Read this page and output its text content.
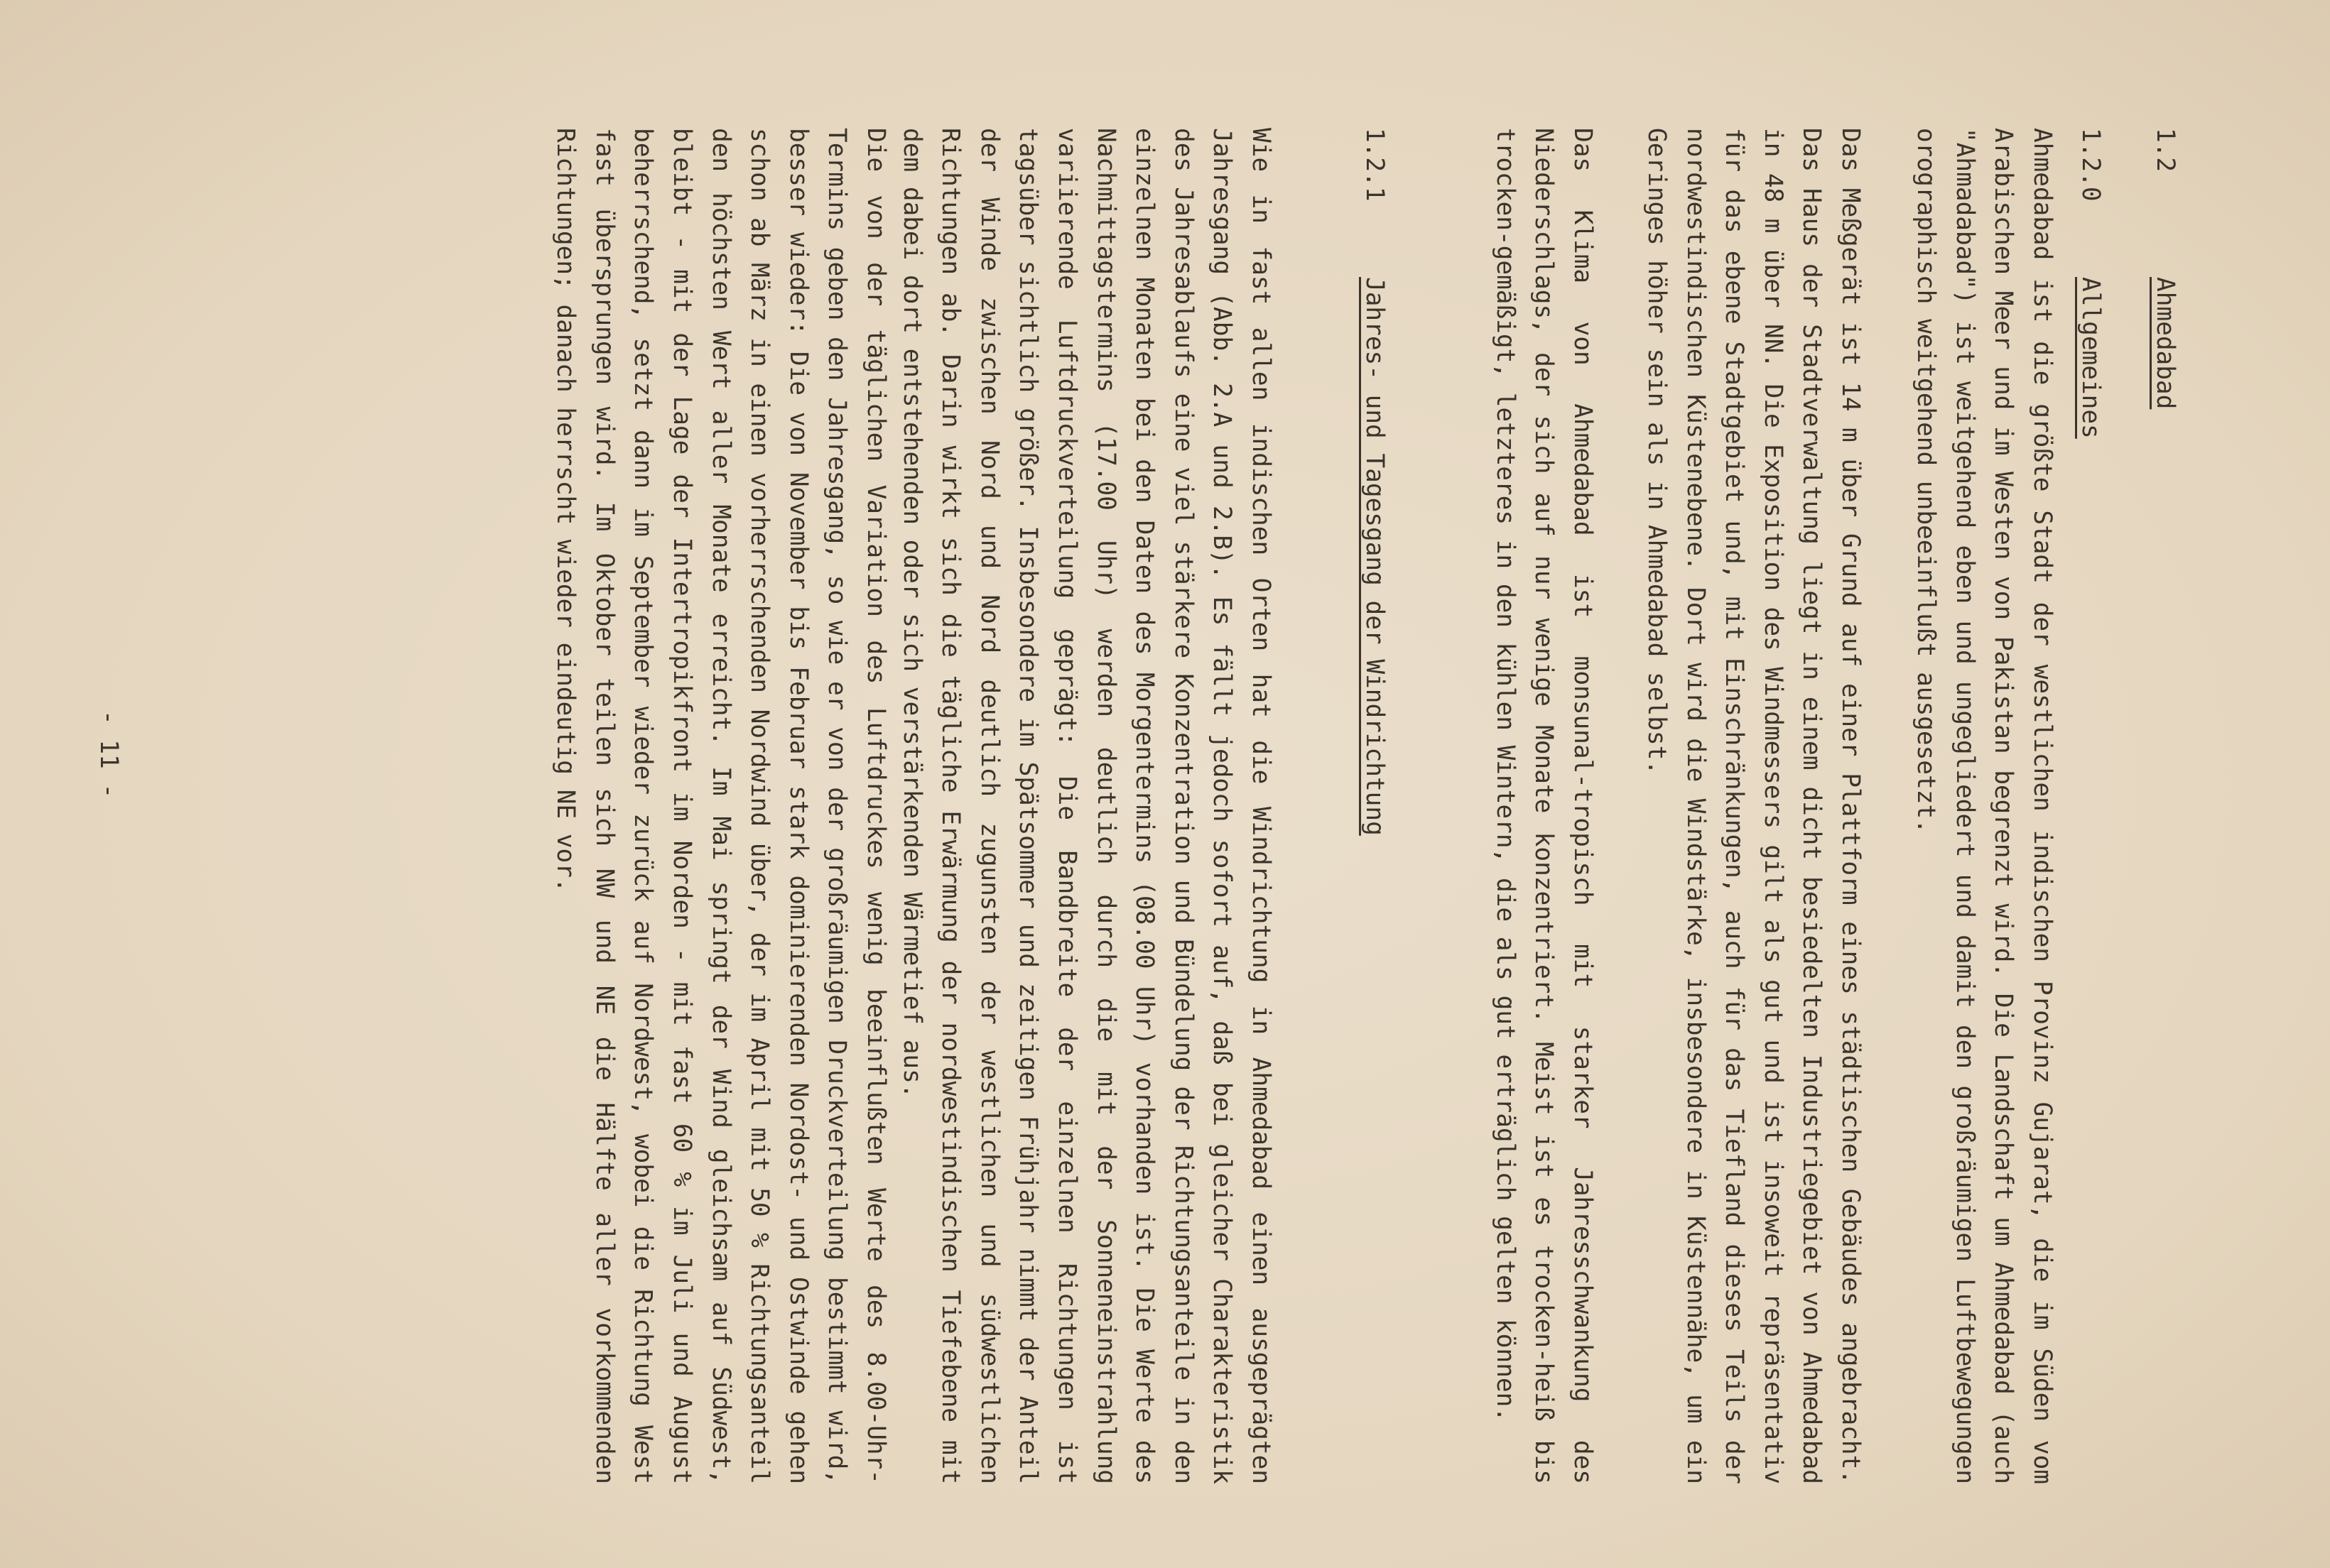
1.2
Ahmedabad
1.2.0
Allgemeines

Ahmedabad ist die größte Stadt der westlichen indischen Provinz Gujarat, die im Süden vom Arabischen Meer und im Westen von Pakistan begrenzt wird. Die Landschaft um Ahmedabad (auch "Ahmadabad") ist weitgehend eben und ungegliedert und damit den großräumigen Luftbewegungen orographisch weitgehend unbeeinflußt ausgesetzt.

Das Meßgerät ist 14 m über Grund auf einer Plattform eines städtischen Gebäudes angebracht. Das Haus der Stadtverwaltung liegt in einem dicht besiedelten Industriegebiet von Ahmedabad in 48 m über NN. Die Exposition des Windmessers gilt als gut und ist insoweit repräsentativ für das ebene Stadtgebiet und, mit Einschränkungen, auch für das Tiefland dieses Teils der nordwestindischen Küstenebene. Dort wird die Windstärke, insbesondere in Küstennähe, um ein Geringes höher sein als in Ahmedabad selbst.

Das Klima von Ahmedabad ist monsunal-tropisch mit starker Jahresschwankung des Niederschlags, der sich auf nur wenige Monate konzentriert. Meist ist es trocken-heiß bis trocken-gemäßigt, letzteres in den kühlen Wintern, die als gut erträglich gelten können.

1.2.1
Jahres- und Tagesgang der Windrichtung

Wie in fast allen indischen Orten hat die Windrichtung in Ahmedabad einen ausgeprägten Jahresgang (Abb. 2.A und 2.B). Es fällt jedoch sofort auf, daß bei gleicher Charakteristik des Jahresablaufs eine viel stärkere Konzentration und Bündelung der Richtungsanteile in den einzelnen Monaten bei den Daten des Morgentermins (08.00 Uhr) vorhanden ist. Die Werte des Nachmittagstermins (17.00 Uhr) werden deutlich durch die mit der Sonneneinstrahlung variierende Luftdruckverteilung geprägt: Die Bandbreite der einzelnen Richtungen ist tagsüber sichtlich größer. Insbesondere im Spätsommer und zeitigen Frühjahr nimmt der Anteil der Winde zwischen Nord und Nord deutlich zugunsten der westlichen und südwestlichen Richtungen ab. Darin wirkt sich die tägliche Erwärmung der nordwestindischen Tiefebene mit dem dabei dort entstehenden oder sich verstärkenden Wärmetief aus.

Die von der täglichen Variation des Luftdruckes wenig beeinflußten Werte des 8.00-Uhr-Termins geben den Jahresgang, so wie er von der großräumigen Druckverteilung bestimmt wird, besser wieder: Die von November bis Februar stark dominierenden Nordost- und Ostwinde gehen schon ab März in einen vorherrschenden Nordwind über, der im April mit 50 % Richtungsanteil den höchsten Wert aller Monate erreicht. Im Mai springt der Wind gleichsam auf Südwest, bleibt - mit der Lage der Intertropikfront im Norden - mit fast 60 % im Juli und August beherrschend, setzt dann im September wieder zurück auf Nordwest, wobei die Richtung West fast übersprungen wird. Im Oktober teilen sich NW und NE die Hälfte aller vorkommenden Richtungen; danach herrscht wieder eindeutig NE vor.

- 11 -
